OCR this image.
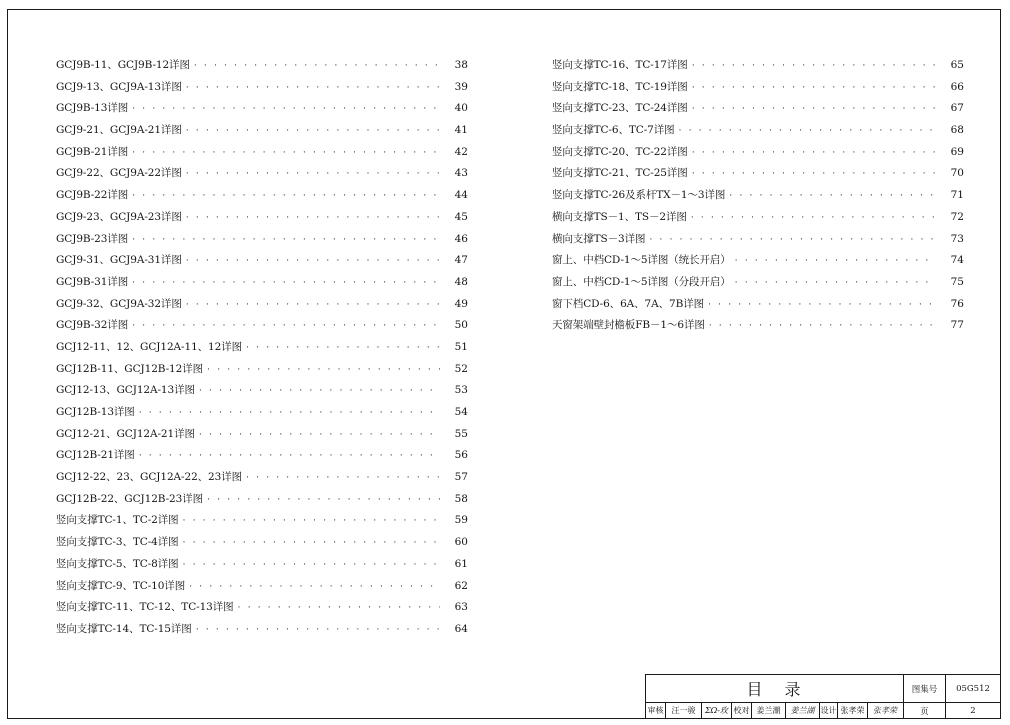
GCJ9B-11、GCJ9B-12详图 · · ·	38
GCJ9-13、GCJ9A-13详图 · · ·	39
GCJ9B-13详图 · · ·	40
GCJ9-21、GCJ9A-21详图 · · ·	41
GCJ9B-21详图 · · ·	42
GCJ9-22、GCJ9A-22详图 · · ·	43
GCJ9B-22详图 · · ·	44
GCJ9-23、GCJ9A-23详图 · · ·	45
GCJ9B-23详图 · · ·	46
GCJ9-31、GCJ9A-31详图 · · ·	47
GCJ9B-31详图 · · ·	48
GCJ9-32、GCJ9A-32详图 · · ·	49
GCJ9B-32详图 · · ·	50
GCJ12-11、12、GCJ12A-11、12详图 · · ·	51
GCJ12B-11、GCJ12B-12详图 · · ·	52
GCJ12-13、GCJ12A-13详图 · · ·	53
GCJ12B-13详图 · · ·	54
GCJ12-21、GCJ12A-21详图 · · ·	55
GCJ12B-21详图 · · ·	56
GCJ12-22、23、GCJ12A-22、23详图 · · ·	57
GCJ12B-22、GCJ12B-23详图 · · ·	58
竖向支撑TC-1、TC-2详图 · · ·	59
竖向支撑TC-3、TC-4详图 · · ·	60
竖向支撑TC-5、TC-8详图 · · ·	61
竖向支撑TC-9、TC-10详图 · · ·	62
竖向支撑TC-11、TC-12、TC-13详图 · · ·	63
竖向支撑TC-14、TC-15详图 · · ·	64
竖向支撑TC-16、TC-17详图 · · ·	65
竖向支撑TC-18、TC-19详图 · · ·	66
竖向支撑TC-23、TC-24详图 · · ·	67
竖向支撑TC-6、TC-7详图 · · ·	68
竖向支撑TC-20、TC-22详图 · · ·	69
竖向支撑TC-21、TC-25详图 · · ·	70
竖向支撑TC-26及系杆TX－1～3详图 · · ·	71
横向支撑TS－1、TS－2详图 · · ·	72
横向支撑TS－3详图 · · ·	73
窗上、中档CD-1～5详图（统长开启） · · ·	74
窗上、中档CD-1～5详图（分段开启） · · ·	75
窗下档CD-6、6A、7A、7B详图 · · ·	76
天窗架端壁封檐板FB－1～6详图 · · ·	77
目录	图集号	05G512
审核	汪一骏	ΣΩ-玫 校对 姜兰潮	姜兰湖 设计 张孝荣	张孝荣	页	2
